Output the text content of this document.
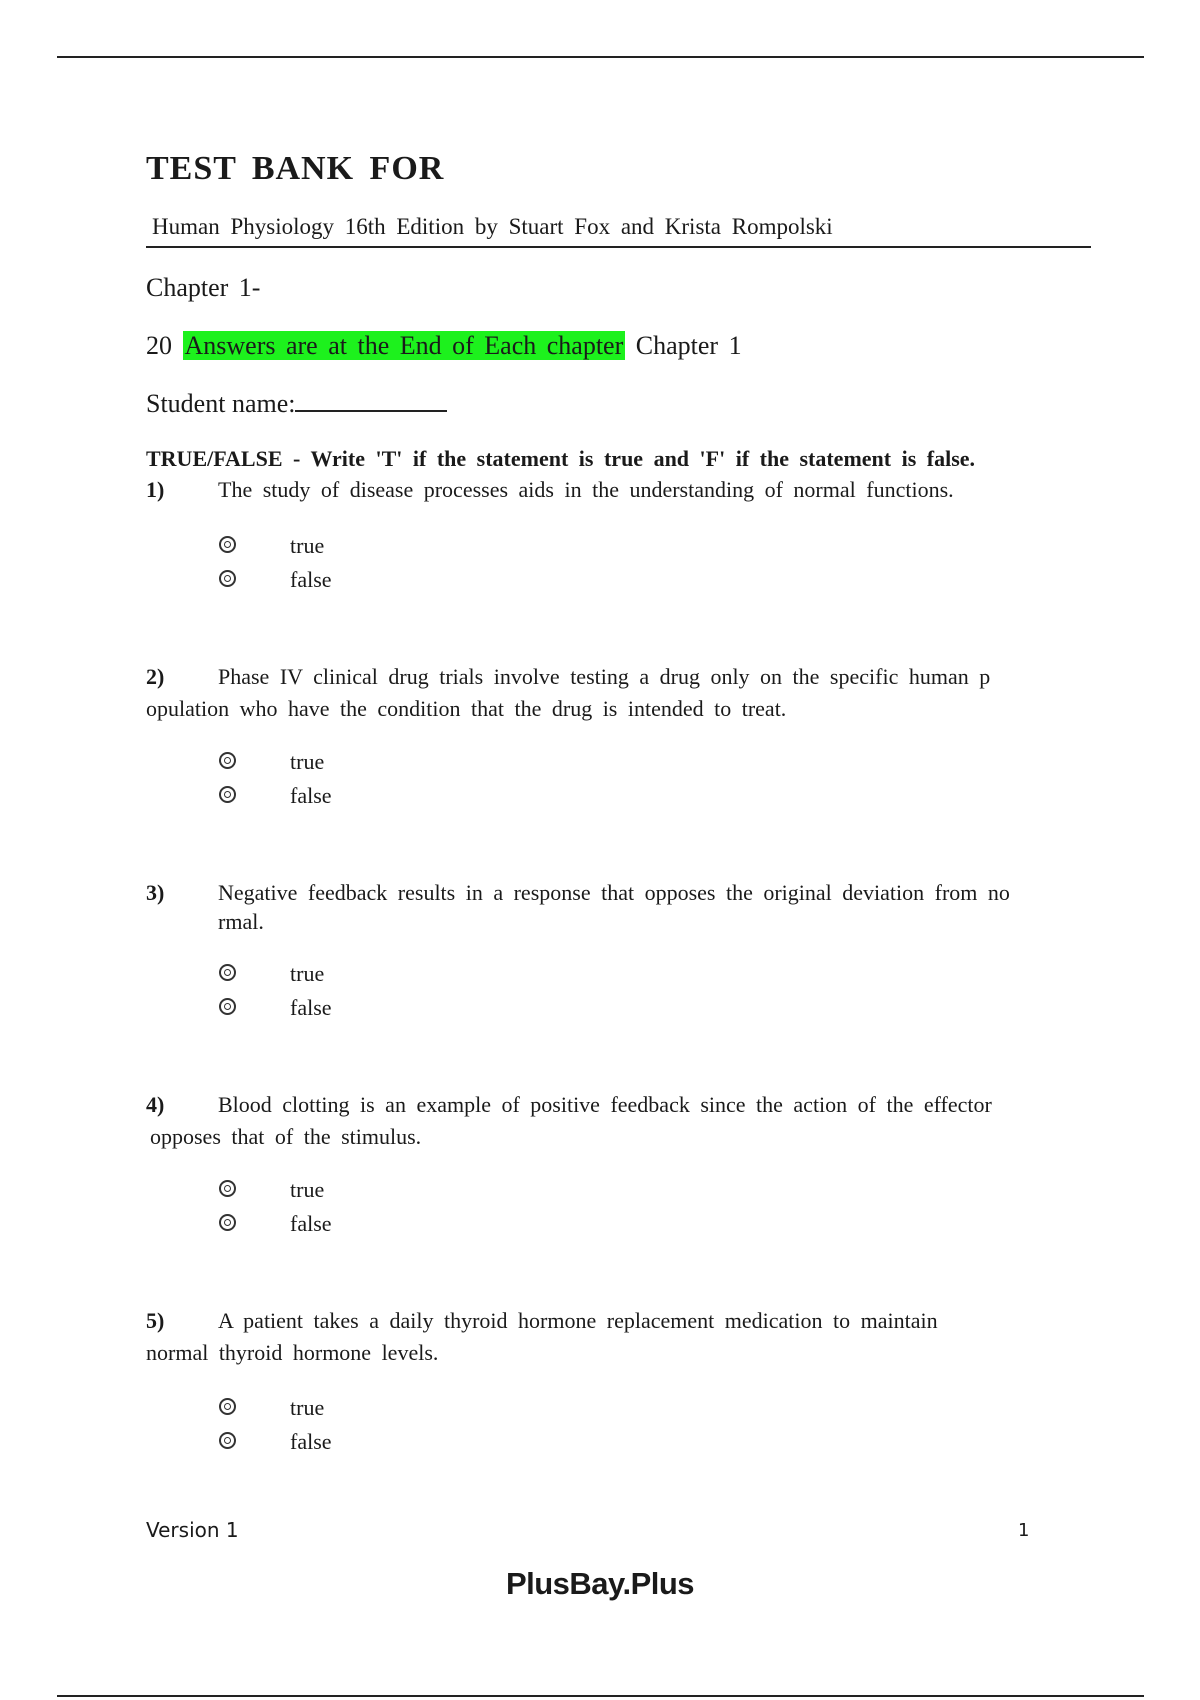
TEST BANK FOR
Human Physiology 16th Edition by Stuart Fox and Krista Rompolski
Chapter 1-
20 Answers are at the End of Each chapter Chapter 1
Student name:
TRUE/FALSE - Write 'T' if the statement is true and 'F' if the statement is false.
1) The study of disease processes aids in the understanding of normal functions.
true
false
2) Phase IV clinical drug trials involve testing a drug only on the specific human p
opulation who have the condition that the drug is intended to treat.
true
false
3) Negative feedback results in a response that opposes the original deviation from no
rmal.
true
false
4) Blood clotting is an example of positive feedback since the action of the effector
opposes that of the stimulus.
true
false
5) A patient takes a daily thyroid hormone replacement medication to maintain
normal thyroid hormone levels.
true
false
Version 1	1
PlusBay.Plus
